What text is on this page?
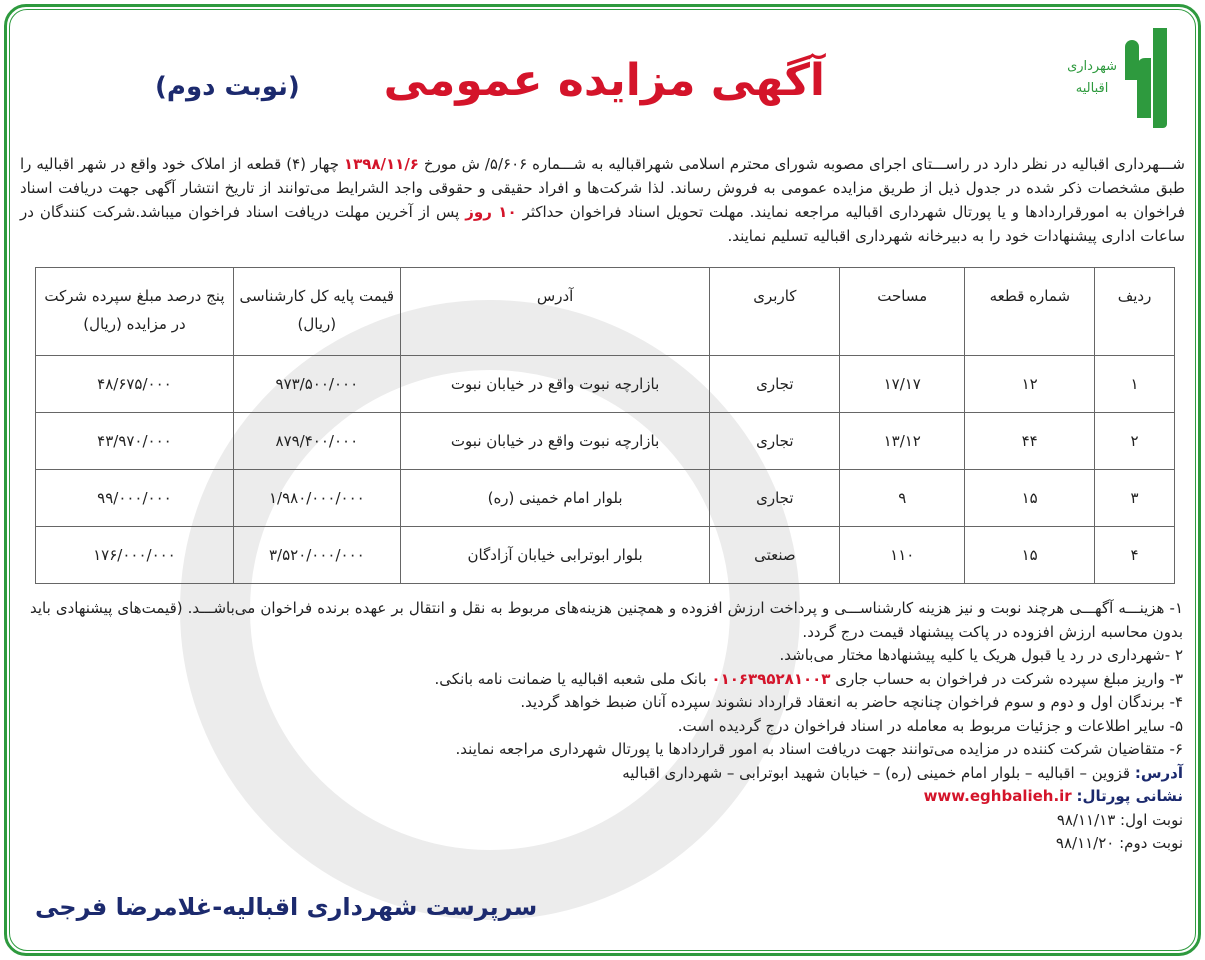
شهرداری
اقبالیه
آگهی مزایده عمومی
(نوبت دوم)

شـــهرداری اقبالیه در نظر دارد در راســـتای اجرای مصوبه شورای محترم اسلامی شهراقبالیه به شـــماره ۵/۶۰۶/ ش مورخ ۱۳۹۸/۱۱/۶ چهار (۴) قطعه از املاک خود واقع در شهر اقبالیه را طبق مشخصات ذکر شده در جدول ذیل از طریق مزایده عمومی به فروش رساند. لذا شرکت‌ها و افراد حقیقی و حقوقی واجد الشرایط می‌توانند از تاریخ انتشار آگهی جهت دریافت اسناد فراخوان به امورقراردادها و یا پورتال شهرداری اقبالیه مراجعه نمایند. مهلت تحویل اسناد فراخوان حداکثر ۱۰ روز پس از آخرین مهلت دریافت اسناد فراخوان میباشد.شرکت کنندگان در ساعات اداری پیشنهادات خود را به دبیرخانه شهرداری اقبالیه تسلیم نمایند.

ردیف	شماره قطعه	مساحت	کاربری	آدرس	قیمت پایه کل کارشناسی (ریال)	پنج درصد مبلغ سپرده شرکت در مزایده (ریال)
۱	۱۲	۱۷/۱۷	تجاری	بازارچه نبوت واقع در خیابان نبوت	۹۷۳/۵۰۰/۰۰۰	۴۸/۶۷۵/۰۰۰
۲	۴۴	۱۳/۱۲	تجاری	بازارچه نبوت واقع در خیابان نبوت	۸۷۹/۴۰۰/۰۰۰	۴۳/۹۷۰/۰۰۰
۳	۱۵	۹	تجاری	بلوار امام خمینی (ره)	۱/۹۸۰/۰۰۰/۰۰۰	۹۹/۰۰۰/۰۰۰
۴	۱۵	۱۱۰	صنعتی	بلوار ابوترابی خیابان آزادگان	۳/۵۲۰/۰۰۰/۰۰۰	۱۷۶/۰۰۰/۰۰۰

۱- هزینـــه آگهـــی هرچند نوبت و نیز هزینه کارشناســـی و پرداخت ارزش افزوده و همچنین هزینه‌های مربوط به نقل و انتقال بر عهده برنده فراخوان می‌باشـــد. (قیمت‌های پیشنهادی باید بدون محاسبه ارزش افزوده در پاکت پیشنهاد قیمت درج گردد.

۲ -شهرداری در رد یا قبول هریک یا کلیه پیشنهادها مختار می‌باشد.

۳- واریز مبلغ سپرده شرکت در فراخوان به حساب جاری ۰۱۰۶۳۹۵۲۸۱۰۰۳ بانک ملی شعبه اقبالیه یا ضمانت نامه بانکی.

۴- برندگان اول و دوم و سوم فراخوان چنانچه حاضر به انعقاد قرارداد نشوند سپرده آنان ضبط خواهد گردید.

۵- سایر اطلاعات و جزئیات مربوط به معامله در اسناد فراخوان درج گردیده است.

۶- متقاضیان شرکت کننده در مزایده می‌توانند جهت دریافت اسناد به امور قراردادها یا پورتال شهرداری مراجعه نمایند.

آدرس: قزوین – اقبالیه – بلوار امام خمینی (ره) – خیابان شهید ابوترابی – شهرداری اقبالیه

نشانی پورتال: www.eghbalieh.ir

نوبت اول: ۹۸/۱۱/۱۳

نوبت دوم: ۹۸/۱۱/۲۰

سرپرست شهرداری اقبالیه-غلامرضا فرجی
